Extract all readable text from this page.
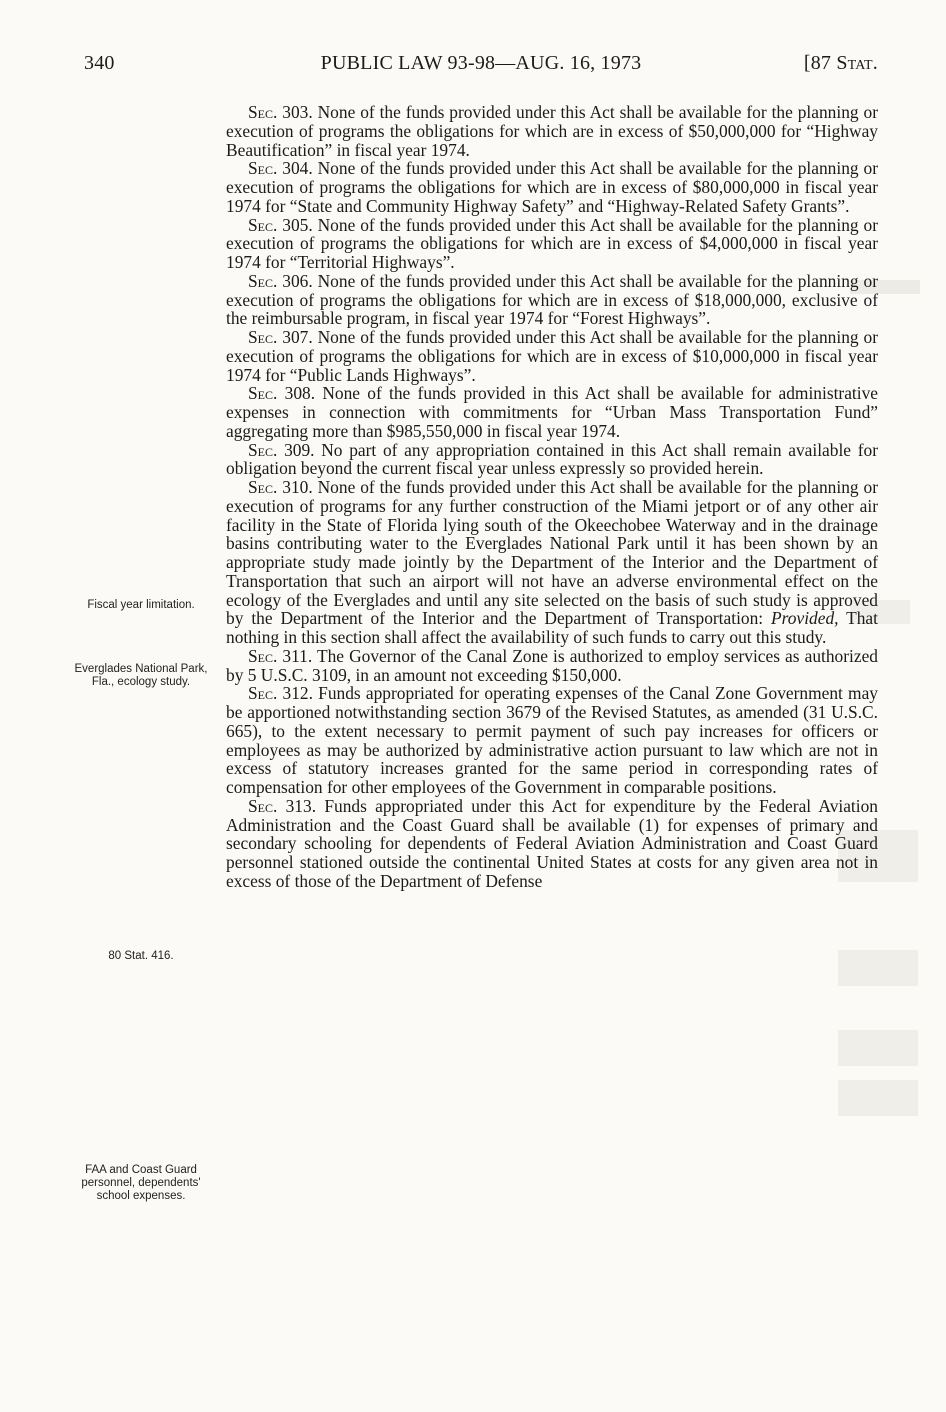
340	PUBLIC LAW 93-98—AUG. 16, 1973	[87 Stat.
Fiscal year limitation.
Everglades National Park, Fla., ecology study.
80 Stat. 416.
FAA and Coast Guard personnel, dependents' school expenses.

Sec. 303. None of the funds provided under this Act shall be available for the planning or execution of programs the obligations for which are in excess of $50,000,000 for “Highway Beautification” in fiscal year 1974.

Sec. 304. None of the funds provided under this Act shall be available for the planning or execution of programs the obligations for which are in excess of $80,000,000 in fiscal year 1974 for “State and Community Highway Safety” and “Highway-Related Safety Grants”.

Sec. 305. None of the funds provided under this Act shall be available for the planning or execution of programs the obligations for which are in excess of $4,000,000 in fiscal year 1974 for “Territorial Highways”.

Sec. 306. None of the funds provided under this Act shall be available for the planning or execution of programs the obligations for which are in excess of $18,000,000, exclusive of the reimbursable program, in fiscal year 1974 for “Forest Highways”.

Sec. 307. None of the funds provided under this Act shall be available for the planning or execution of programs the obligations for which are in excess of $10,000,000 in fiscal year 1974 for “Public Lands Highways”.

Sec. 308. None of the funds provided in this Act shall be available for administrative expenses in connection with commitments for “Urban Mass Transportation Fund” aggregating more than $985,550,000 in fiscal year 1974.

Sec. 309. No part of any appropriation contained in this Act shall remain available for obligation beyond the current fiscal year unless expressly so provided herein.

Sec. 310. None of the funds provided under this Act shall be available for the planning or execution of programs for any further construction of the Miami jetport or of any other air facility in the State of Florida lying south of the Okeechobee Waterway and in the drainage basins contributing water to the Everglades National Park until it has been shown by an appropriate study made jointly by the Department of the Interior and the Department of Transportation that such an airport will not have an adverse environmental effect on the ecology of the Everglades and until any site selected on the basis of such study is approved by the Department of the Interior and the Department of Transportation: Provided, That nothing in this section shall affect the availability of such funds to carry out this study.

Sec. 311. The Governor of the Canal Zone is authorized to employ services as authorized by 5 U.S.C. 3109, in an amount not exceeding $150,000.

Sec. 312. Funds appropriated for operating expenses of the Canal Zone Government may be apportioned notwithstanding section 3679 of the Revised Statutes, as amended (31 U.S.C. 665), to the extent necessary to permit payment of such pay increases for officers or employees as may be authorized by administrative action pursuant to law which are not in excess of statutory increases granted for the same period in corresponding rates of compensation for other employees of the Government in comparable positions.

Sec. 313. Funds appropriated under this Act for expenditure by the Federal Aviation Administration and the Coast Guard shall be available (1) for expenses of primary and secondary schooling for dependents of Federal Aviation Administration and Coast Guard personnel stationed outside the continental United States at costs for any given area not in excess of those of the Department of Defense
